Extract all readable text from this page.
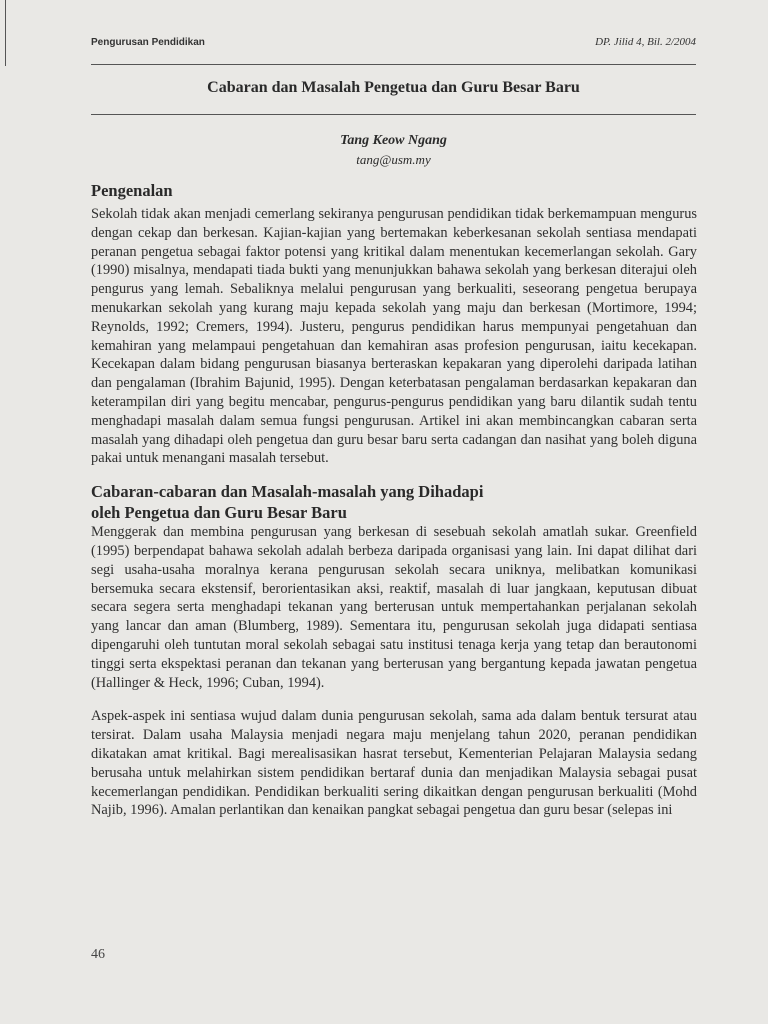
Pengurusan Pendidikan	DP. Jilid 4, Bil. 2/2004
Cabaran dan Masalah Pengetua dan Guru Besar Baru
Tang Keow Ngang
tang@usm.my
Pengenalan

Sekolah tidak akan menjadi cemerlang sekiranya pengurusan pendidikan tidak berkemampuan mengurus dengan cekap dan berkesan. Kajian-kajian yang bertemakan keberkesanan sekolah sentiasa mendapati peranan pengetua sebagai faktor potensi yang kritikal dalam menentukan kecemerlangan sekolah. Gary (1990) misalnya, mendapati tiada bukti yang menunjukkan bahawa sekolah yang berkesan diterajui oleh pengurus yang lemah. Sebaliknya melalui pengurusan yang berkualiti, seseorang pengetua berupaya menukarkan sekolah yang kurang maju kepada sekolah yang maju dan berkesan (Mortimore, 1994; Reynolds, 1992; Cremers, 1994). Justeru, pengurus pendidikan harus mempunyai pengetahuan dan kemahiran yang melampaui pengetahuan dan kemahiran asas profesion pengurusan, iaitu kecekapan. Kecekapan dalam bidang pengurusan biasanya berteraskan kepakaran yang diperolehi daripada latihan dan pengalaman (Ibrahim Bajunid, 1995). Dengan keterbatasan pengalaman berdasarkan kepakaran dan keterampilan diri yang begitu mencabar, pengurus-pengurus pendidikan yang baru dilantik sudah tentu menghadapi masalah dalam semua fungsi pengurusan. Artikel ini akan membincangkan cabaran serta masalah yang dihadapi oleh pengetua dan guru besar baru serta cadangan dan nasihat yang boleh diguna pakai untuk menangani masalah tersebut.

Cabaran-cabaran dan Masalah-masalah yang Dihadapi
oleh Pengetua dan Guru Besar Baru

Menggerak dan membina pengurusan yang berkesan di sesebuah sekolah amatlah sukar. Greenfield (1995) berpendapat bahawa sekolah adalah berbeza daripada organisasi yang lain. Ini dapat dilihat dari segi usaha-usaha moralnya kerana pengurusan sekolah secara uniknya, melibatkan komunikasi bersemuka secara ekstensif, berorientasikan aksi, reaktif, masalah di luar jangkaan, keputusan dibuat secara segera serta menghadapi tekanan yang berterusan untuk mempertahankan perjalanan sekolah yang lancar dan aman (Blumberg, 1989). Sementara itu, pengurusan sekolah juga didapati sentiasa dipengaruhi oleh tuntutan moral sekolah sebagai satu institusi tenaga kerja yang tetap dan berautonomi tinggi serta ekspektasi peranan dan tekanan yang berterusan yang bergantung kepada jawatan pengetua (Hallinger & Heck, 1996; Cuban, 1994).

Aspek-aspek ini sentiasa wujud dalam dunia pengurusan sekolah, sama ada dalam bentuk tersurat atau tersirat. Dalam usaha Malaysia menjadi negara maju menjelang tahun 2020, peranan pendidikan dikatakan amat kritikal. Bagi merealisasikan hasrat tersebut, Kementerian Pelajaran Malaysia sedang berusaha untuk melahirkan sistem pendidikan bertaraf dunia dan menjadikan Malaysia sebagai pusat kecemerlangan pendidikan. Pendidikan berkualiti sering dikaitkan dengan pengurusan berkualiti (Mohd Najib, 1996). Amalan perlantikan dan kenaikan pangkat sebagai pengetua dan guru besar (selepas ini

46
